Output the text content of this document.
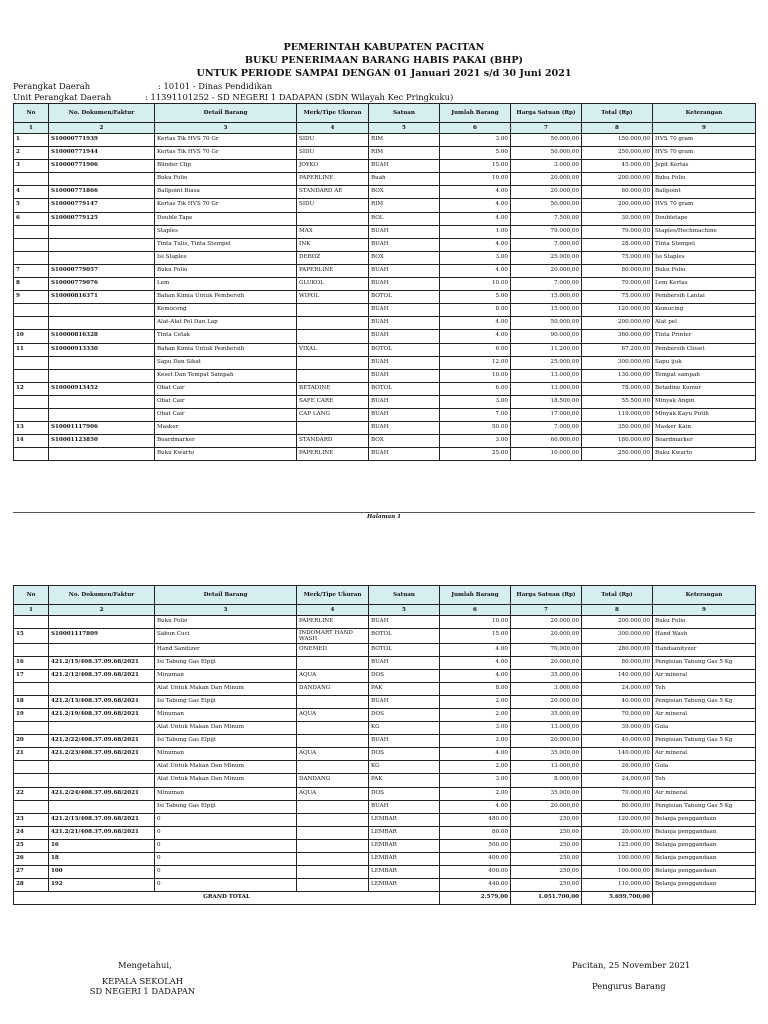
PEMERINTAH KABUPATEN PACITAN
BUKU PENERIMAAN BARANG HABIS PAKAI (BHP)
UNTUK PERIODE SAMPAI DENGAN 01 Januari 2021 s/d 30 Juni 2021
Perangkat Daerah	: 10101 - Dinas Pendidikan
Unit Perangkat Daerah	: 11391101252 - SD NEGERI 1 DADAPAN (SDN Wilayah Kec Pringkuku)
No	No. Dokumen/Faktur	Detail Barang	Merk/Tipe Ukuran	Satuan	Jumlah Barang	Harga Satuan (Rp)	Total (Rp)	Keterangan
1	2	3	4	5	6	7	8	9
1	S10000771939	Kertas Tik HVS 70 Gr	SIDU	RIM	3.00	50.000,00	150.000,00	HVS 70 gram
2	S10000771944	Kertas Tik HVS 70 Gr	SIDU	RIM	5.00	50.000,00	250.000,00	HVS 70 gram
3	S10000771906	Blinder Clip	JOYKO	BUAH	15.00	3.000,00	45.000,00	Jepit Kertas
		Buku Folio	PAPERLINE	Buah	10.00	20.000,00	200.000,00	Buku Folio
4	S10000771866	Ballpoint Biasa	STANDARD AE	BOX	4.00	20.000,00	80.000,00	Ballpoint
5	S10000779147	Kertas Tik HVS 70 Gr	SIDU	RIM	4.00	50.000,00	200.000,00	HVS 70 gram
6	S10000779125	Double Tape		ROL	4.00	7.500,00	30.000,00	Doubletape
		Staples	MAX	BUAH	1.00	79.000,00	79.000,00	Staples/Hechmachine
		Tinta Tulis, Tinta Stempel	INK	BUAH	4.00	7.000,00	28.000,00	Tinta Stempel
		Isi Staples	DEBOZ	BOX	3.00	25.000,00	75.000,00	Isi Staples
7	S10000779057	Buku Folio	PAPERLINE	BUAH	4.00	20.000,00	80.000,00	Buku Folio
8	S10000779076	Lem	GLUKOL	BUAH	10.00	7.000,00	70.000,00	Lem Kertas
9	S10000816371	Bahan Kimia Untuk Pembersih	WIPOL	BOTOL	5.00	15.000,00	75.000,00	Pembersih Lantai
		Kemoceng		BUAH	8.00	15.000,00	120.000,00	Kemucing
		Alat-Alat Pel Dan Lap		BUAH	4.00	50.000,00	200.000,00	Alat pel
10	S10000816328	Tinta Cetak		BUAH	4.00	90.000,00	360.000,00	Tinta Printer
11	S10000913330	Bahan Kimia Untuk Pembersih	VIXAL	BOTOL	6.00	11.200,00	67.200,00	Pembersih Closet
		Sapu Dan Sikat		BUAH	12.00	25.000,00	300.000,00	Sapu ijuk
		Keset Dan Tempat Sampah		BUAH	10.00	13.000,00	130.000,00	Tempat sampah
12	S10000913452	Obat Cair	BETADINE	BOTOL	6.00	13.000,00	78.000,00	Betadine Kumur
		Obat Cair	SAFE CARE	BUAH	3.00	18.500,00	55.500,00	Minyak Angin
		Obat Cair	CAP LANG	BUAH	7.00	17.000,00	119.000,00	Minyak Kayu Putih
13	S10001117906	Masker		BUAH	50.00	7.000,00	350.000,00	Masker Kain
14	S10001123850	Boardmarker	STANDARD	BOX	3.00	60.000,00	180.000,00	Boardmarker
		Buku Kwarto	PAPERLINE	BUAH	25.00	10.000,00	250.000,00	Buku Kwarto
Halaman 1
No	No. Dokumen/Faktur	Detail Barang	Merk/Tipe Ukuran	Satuan	Jumlah Barang	Harga Satuan (Rp)	Total (Rp)	Keterangan
1	2	3	4	5	6	7	8	9
		Buku Folio	PAPERLINE	BUAH	10.00	20.000,00	200.000,00	Buku Folio
15	S10001117809	Sabun Cuci	INDOMART HAND WASH	BOTOL	15.00	20.000,00	300.000,00	Hand Wash
		Hand Sanitizer	ONEMED	BOTOL	4.00	70.000,00	280.000,00	Handsanityzer
16	421.2/15/408.37.09.68/2021	Isi Tabung Gas Elpiji		BUAH	4.00	20.000,00	80.000,00	Pengisian Tabung Gas 5 Kg
17	421.2/12/408.37.09.68/2021	Minuman	AQUA	DOS	4.00	35.000,00	140.000,00	Air mineral
		Alat Untuk Makan Dan Minum	DANDANG	PAK	8.00	3.000,00	24.000,00	Teh
18	421.2/13/408.37.09.68/2021	Isi Tabung Gas Elpiji		BUAH	2.00	20.000,00	40.000,00	Pengisian Tabung Gas 5 Kg
19	421.2/19/408.37.09.68/2021	Minuman	AQUA	DOS	2.00	35.000,00	70.000,00	Air mineral
		Alat Untuk Makan Dan Minum		KG	3.00	13.000,00	39.000,00	Gula
20	421.2/22/408.37.09.68/2021	Isi Tabung Gas Elpiji		BUAH	2.00	20.000,00	40.000,00	Pengisian Tabung Gas 5 Kg
21	421.2/23/408.37.09.68/2021	Minuman	AQUA	DOS	4.00	35.000,00	140.000,00	Air mineral
		Alat Untuk Makan Dan Minum		KG	2.00	13.000,00	26.000,00	Gula
		Alat Untuk Makan Dan Minum	DANDANG	PAK	3.00	8.000,00	24.000,00	Teh
22	421.2/24/408.37.09.68/2021	Minuman	AQUA	DOS	2.00	35.000,00	70.000,00	Air mineral
		Isi Tabung Gas Elpiji		BUAH	4.00	20.000,00	80.000,00	Pengisian Tabung Gas 5 Kg
23	421.2/13/408.37.09.68/2021	0		LEMBAR	480.00	250,00	120.000,00	Belanja penggandaan
24	421.2/21/408.37.09.68/2021	0		LEMBAR	80.00	250,00	20.000,00	Belanja penggandaan
25	16	0		LEMBAR	500.00	250,00	125.000,00	Belanja penggandaan
26	18	0		LEMBAR	400.00	250,00	100.000,00	Belanja penggandaan
27	100	0		LEMBAR	400.00	250,00	100.000,00	Belanja penggandaan
28	192	0		LEMBAR	440.00	250,00	110.000,00	Belanja penggandaan
GRAND TOTAL					2.579,00	1.051.700,00	5.699.700,00	
Mengetahui,
KEPALA SEKOLAH
SD NEGERI 1 DADAPAN
Pacitan, 25 November 2021
Pengurus Barang
